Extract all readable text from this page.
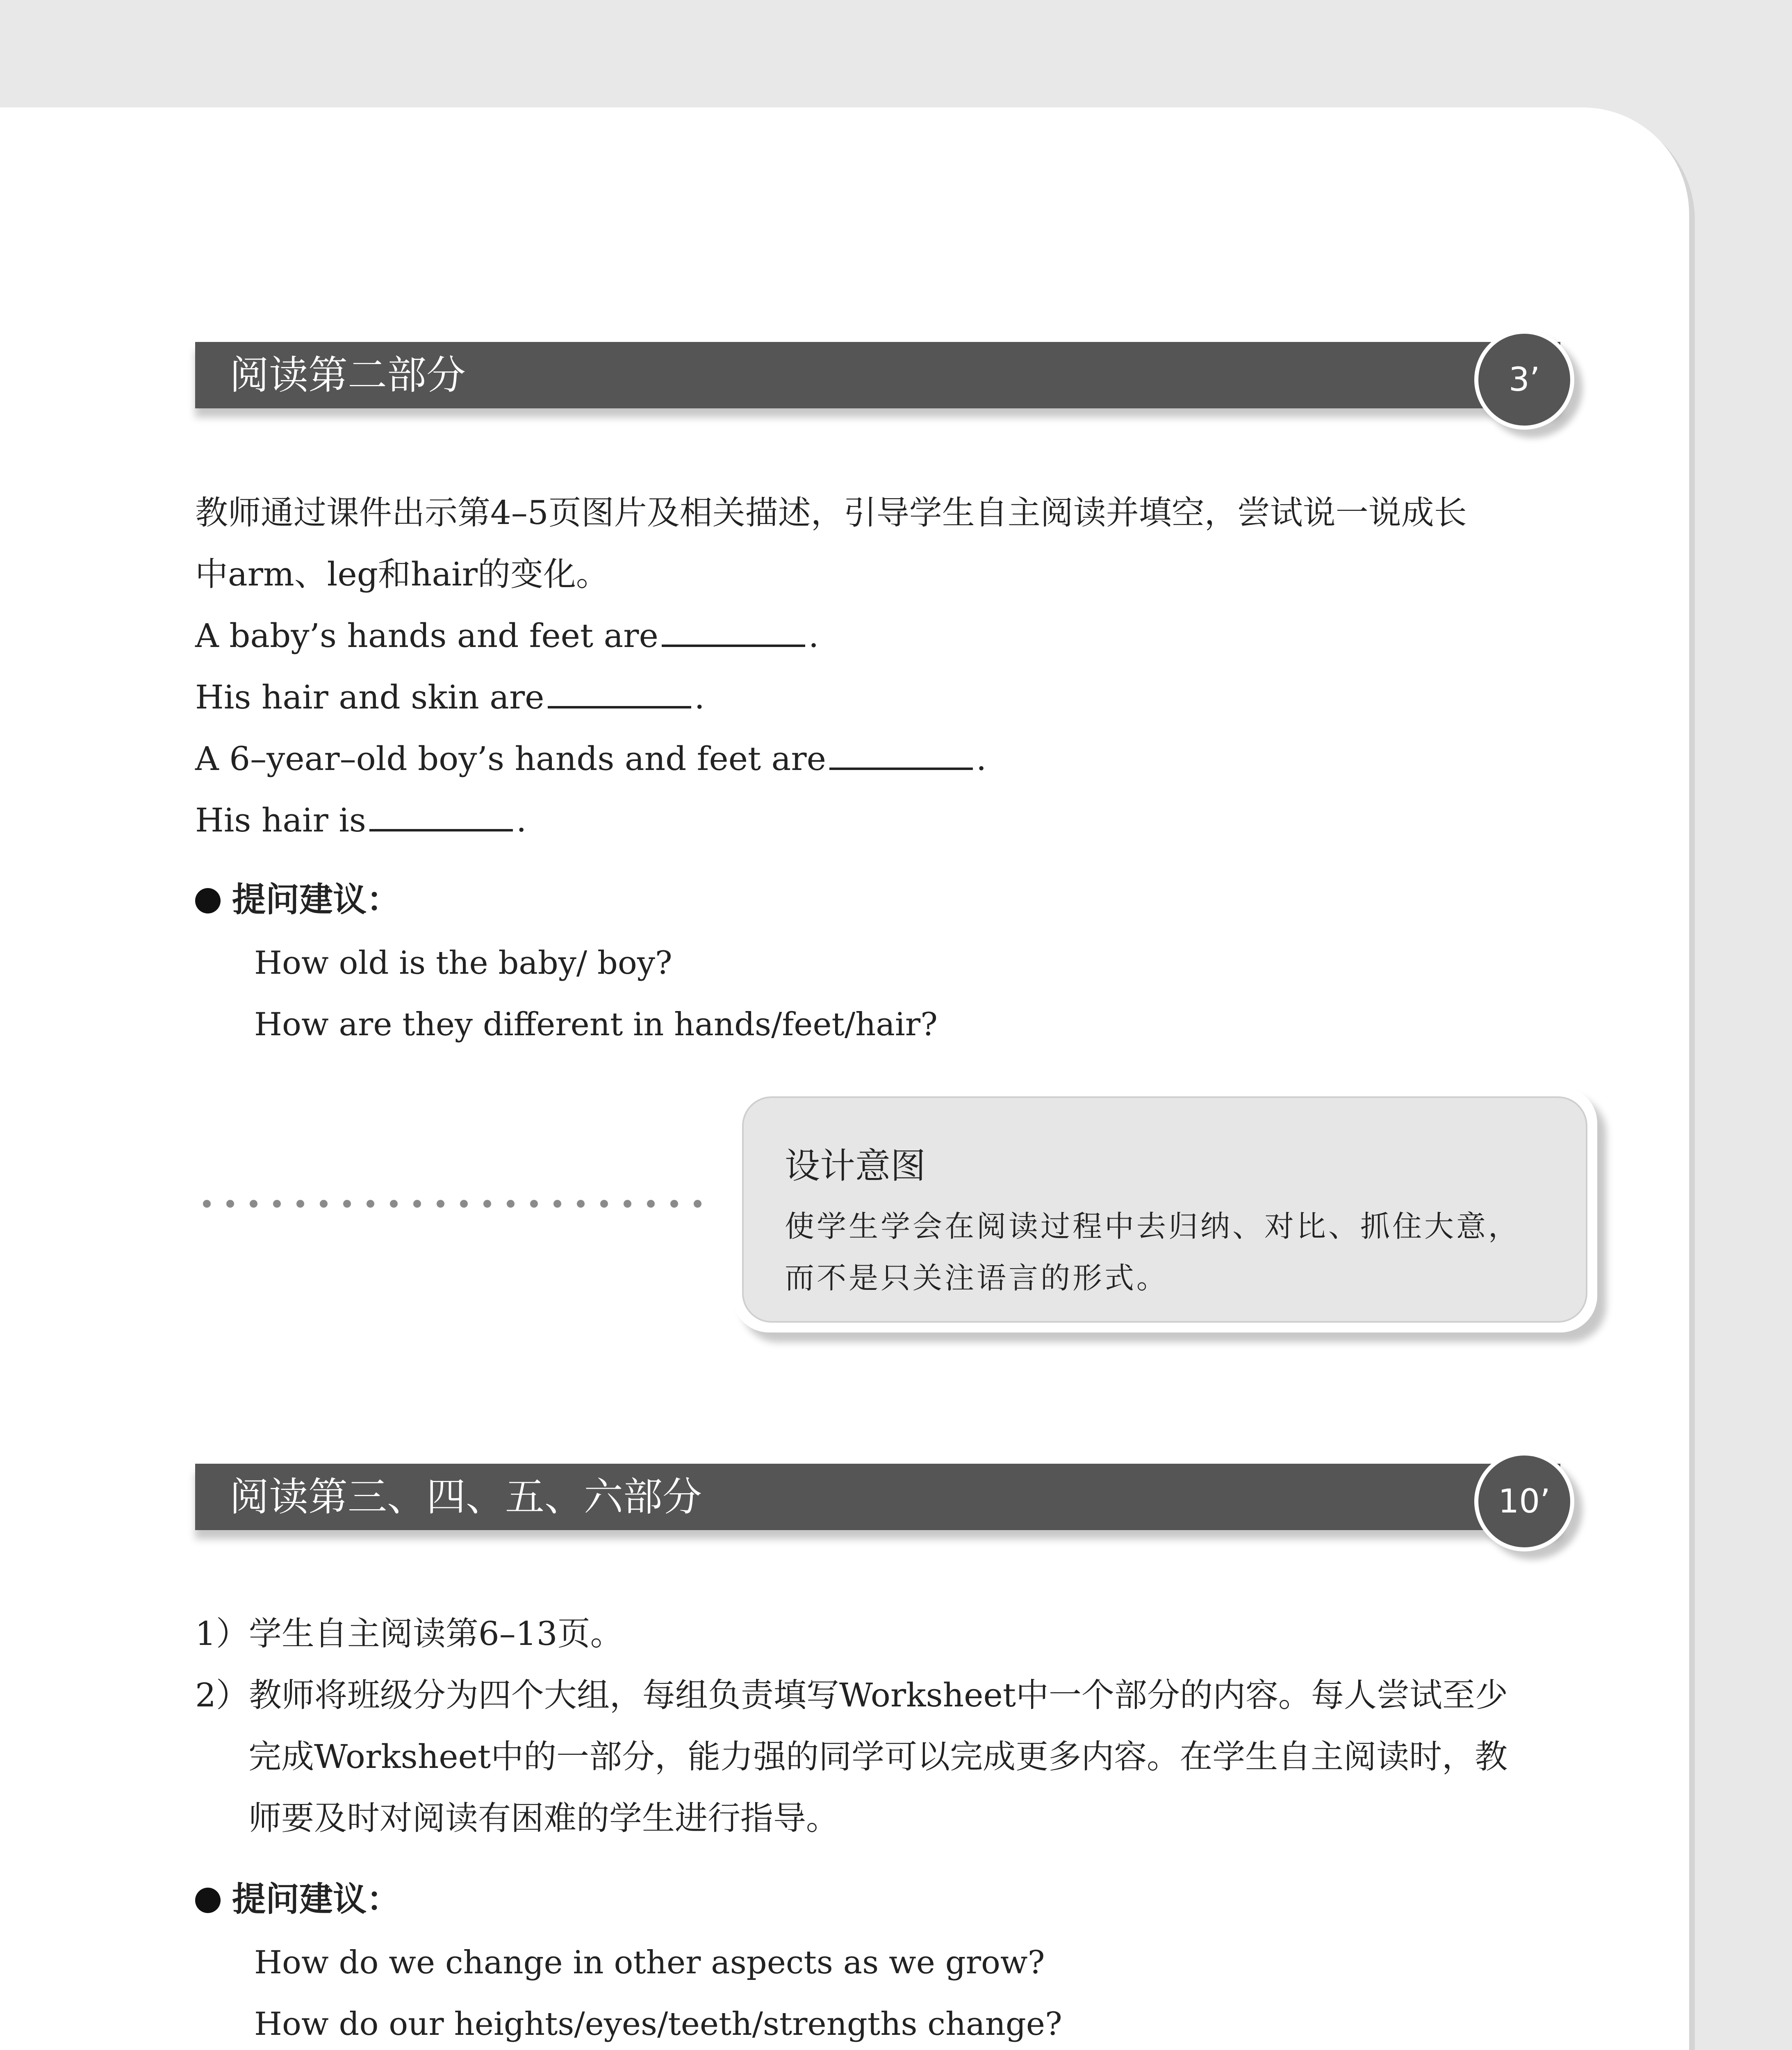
阅读第二部分	3’
教师通过课件出示第4–5页图片及相关描述，引导学生自主阅读并填空，尝试说一说成长
中arm、leg和hair的变化。
A baby’s hands and feet are	.
His hair and skin are	.
A 6–year–old boy’s hands and feet are	.
His hair is	.
提问建议：
How old is the baby/ boy?
How are they different in hands/feet/hair?
设计意图
使学生学会在阅读过程中去归纳、对比、抓住大意，
而不是只关注语言的形式。
阅读第三、四、五、六部分	10’
1）学生自主阅读第6–13页。
2）教师将班级分为四个大组，每组负责填写Worksheet中一个部分的内容。每人尝试至少
完成Worksheet中的一部分，能力强的同学可以完成更多内容。在学生自主阅读时，教
师要及时对阅读有困难的学生进行指导。
提问建议：
How do we change in other aspects as we grow?
How do our heights/eyes/teeth/strengths change?
